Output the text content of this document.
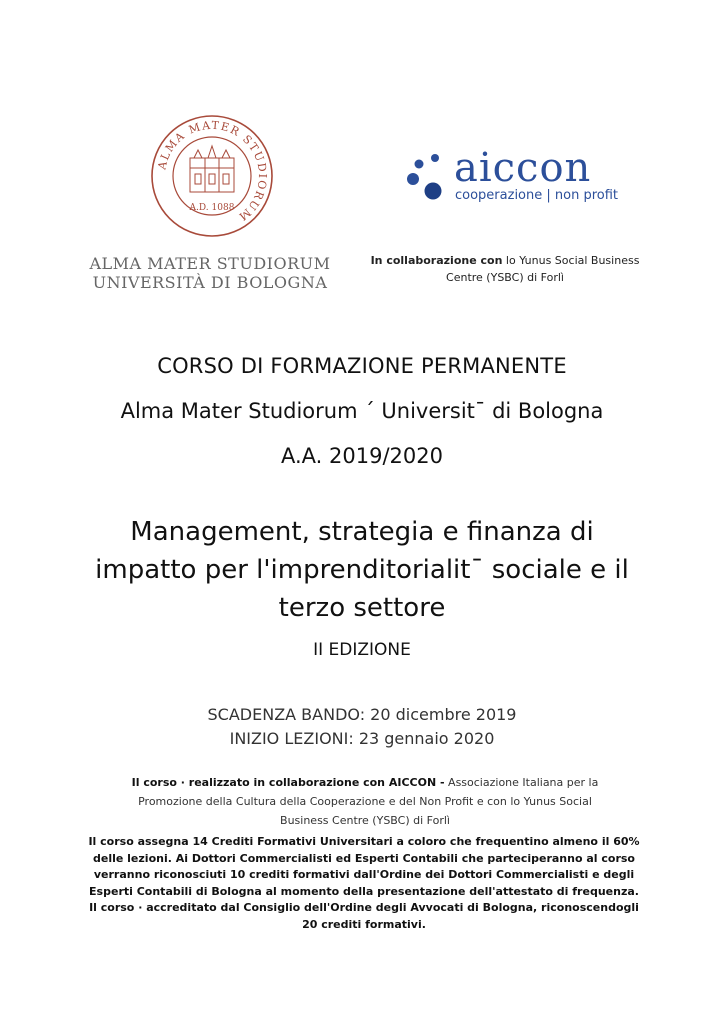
ALMA MATER STUDIORUM
A.D. 1088
ALMA MATER STUDIORUM
UNIVERSITÀ DI BOLOGNA
aiccon
cooperazione | non profit
In collaborazione con lo Yunus Social Business
Centre (YSBC) di Forlì
CORSO DI FORMAZIONE PERMANENTE
Alma Mater Studiorum ´ Universit¯ di Bologna
A.A. 2019/2020
Management, strategia e finanza di
impatto per l'imprenditorialit¯ sociale e il
terzo settore
II EDIZIONE
SCADENZA BANDO: 20 dicembre 2019
INIZIO LEZIONI: 23 gennaio 2020
Il corso · realizzato in collaborazione con AICCON - Associazione Italiana per la
Promozione della Cultura della Cooperazione e del Non Profit e con lo Yunus Social
Business Centre (YSBC) di Forlì
Il corso assegna 14 Crediti Formativi Universitari a coloro che frequentino almeno il 60%
delle lezioni. Ai Dottori Commercialisti ed Esperti Contabili che parteciperanno al corso
verranno riconosciuti 10 crediti formativi dall'Ordine dei Dottori Commercialisti e degli
Esperti Contabili di Bologna al momento della presentazione dell'attestato di frequenza.
Il corso · accreditato dal Consiglio dell'Ordine degli Avvocati di Bologna, riconoscendogli
20 crediti formativi.
